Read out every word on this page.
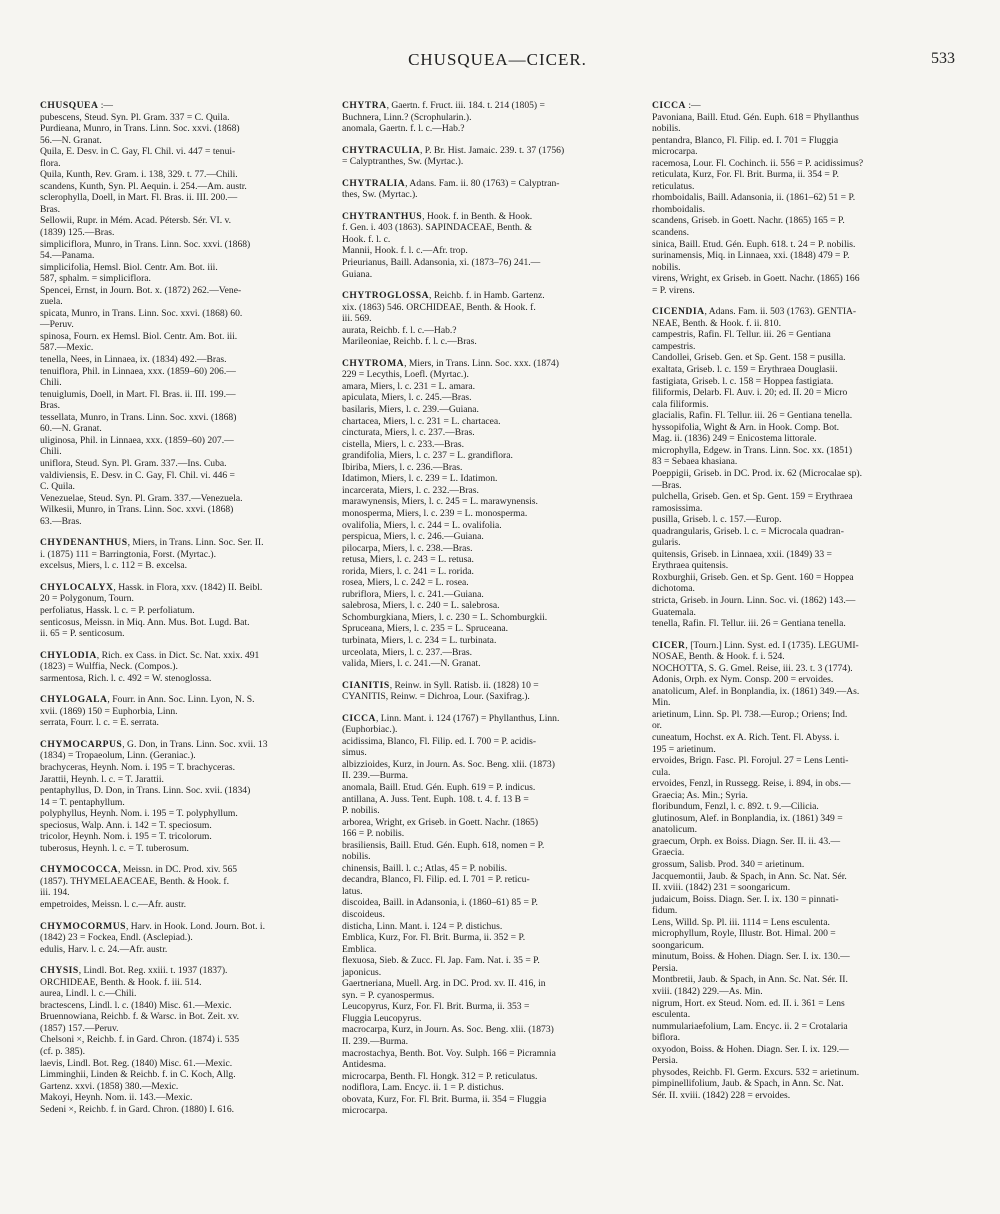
CHUSQUEA—CICER.	533
CHUSQUEA :—
pubescens, Steud. Syn. Pl. Gram. 337 = C. Quila.
Purdieana, Munro, in Trans. Linn. Soc. xxvi. (1868)
56.—N. Granat.
Quila, E. Desv. in C. Gay, Fl. Chil. vi. 447 = tenui-
flora.
Quila, Kunth, Rev. Gram. i. 138, 329. t. 77.—Chili.
scandens, Kunth, Syn. Pl. Aequin. i. 254.—Am. austr.
sclerophylla, Doell, in Mart. Fl. Bras. ii. III. 200.—
Bras.
Sellowii, Rupr. in Mém. Acad. Pétersb. Sér. VI. v.
(1839) 125.—Bras.
simpliciflora, Munro, in Trans. Linn. Soc. xxvi. (1868)
54.—Panama.
simplicifolia, Hemsl. Biol. Centr. Am. Bot. iii.
587, sphalm. = simpliciflora.
Spencei, Ernst, in Journ. Bot. x. (1872) 262.—Vene-
zuela.
spicata, Munro, in Trans. Linn. Soc. xxvi. (1868) 60.
—Peruv.
spinosa, Fourn. ex Hemsl. Biol. Centr. Am. Bot. iii.
587.—Mexic.
tenella, Nees, in Linnaea, ix. (1834) 492.—Bras.
tenuiflora, Phil. in Linnaea, xxx. (1859–60) 206.—
Chili.
tenuiglumis, Doell, in Mart. Fl. Bras. ii. III. 199.—
Bras.
tessellata, Munro, in Trans. Linn. Soc. xxvi. (1868)
60.—N. Granat.
uliginosa, Phil. in Linnaea, xxx. (1859–60) 207.—
Chili.
uniflora, Steud. Syn. Pl. Gram. 337.—Ins. Cuba.
valdiviensis, E. Desv. in C. Gay, Fl. Chil. vi. 446 =
C. Quila.
Venezuelae, Steud. Syn. Pl. Gram. 337.—Venezuela.
Wilkesii, Munro, in Trans. Linn. Soc. xxvi. (1868)
63.—Bras.
CHYDENANTHUS, Miers, in Trans. Linn. Soc. Ser. II.
i. (1875) 111 = Barringtonia, Forst. (Myrtac.).
excelsus, Miers, l. c. 112 = B. excelsa.
CHYLOCALYX, Hassk. in Flora, xxv. (1842) II. Beibl.
20 = Polygonum, Tourn.
perfoliatus, Hassk. l. c. = P. perfoliatum.
senticosus, Meissn. in Miq. Ann. Mus. Bot. Lugd. Bat.
ii. 65 = P. senticosum.
CHYLODIA, Rich. ex Cass. in Dict. Sc. Nat. xxix. 491
(1823) = Wulffia, Neck. (Compos.).
sarmentosa, Rich. l. c. 492 = W. stenoglossa.
CHYLOGALA, Fourr. in Ann. Soc. Linn. Lyon, N. S.
xvii. (1869) 150 = Euphorbia, Linn.
serrata, Fourr. l. c. = E. serrata.
CHYMOCARPUS, G. Don, in Trans. Linn. Soc. xvii. 13
(1834) = Tropaeolum, Linn. (Geraniac.).
brachyceras, Heynh. Nom. i. 195 = T. brachyceras.
Jarattii, Heynh. l. c. = T. Jarattii.
pentaphyllus, D. Don, in Trans. Linn. Soc. xvii. (1834)
14 = T. pentaphyllum.
polyphyllus, Heynh. Nom. i. 195 = T. polyphyllum.
speciosus, Walp. Ann. i. 142 = T. speciosum.
tricolor, Heynh. Nom. i. 195 = T. tricolorum.
tuberosus, Heynh. l. c. = T. tuberosum.
CHYMOCOCCA, Meissn. in DC. Prod. xiv. 565
(1857). THYMELAEACEAE, Benth. & Hook. f.
iii. 194.
empetroides, Meissn. l. c.—Afr. austr.
CHYMOCORMUS, Harv. in Hook. Lond. Journ. Bot. i.
(1842) 23 = Fockea, Endl. (Asclepiad.).
edulis, Harv. l. c. 24.—Afr. austr.
CHYSIS, Lindl. Bot. Reg. xxiii. t. 1937 (1837).
ORCHIDEAE, Benth. & Hook. f. iii. 514.
aurea, Lindl. l. c.—Chili.
bractescens, Lindl. l. c. (1840) Misc. 61.—Mexic.
Bruennowiana, Reichb. f. & Warsc. in Bot. Zeit. xv.
(1857) 157.—Peruv.
Chelsoni ×, Reichb. f. in Gard. Chron. (1874) i. 535
(cf. p. 385).
laevis, Lindl. Bot. Reg. (1840) Misc. 61.—Mexic.
Limminghii, Linden & Reichb. f. in C. Koch, Allg.
Gartenz. xxvi. (1858) 380.—Mexic.
Makoyi, Heynh. Nom. ii. 143.—Mexic.
Sedeni ×, Reichb. f. in Gard. Chron. (1880) I. 616.
CHYTRA, Gaertn. f. Fruct. iii. 184. t. 214 (1805) =
Buchnera, Linn.? (Scrophularin.).
anomala, Gaertn. f. l. c.—Hab.?
CHYTRACULIA, P. Br. Hist. Jamaic. 239. t. 37 (1756)
= Calyptranthes, Sw. (Myrtac.).
CHYTRALIA, Adans. Fam. ii. 80 (1763) = Calyptran-
thes, Sw. (Myrtac.).
CHYTRANTHUS, Hook. f. in Benth. & Hook.
f. Gen. i. 403 (1863). SAPINDACEAE, Benth. &
Hook. f. l. c.
Mannii, Hook. f. l. c.—Afr. trop.
Prieurianus, Baill. Adansonia, xi. (1873–76) 241.—
Guiana.
CHYTROGLOSSA, Reichb. f. in Hamb. Gartenz.
xix. (1863) 546. ORCHIDEAE, Benth. & Hook. f.
iii. 569.
aurata, Reichb. f. l. c.—Hab.?
Marileoniae, Reichb. f. l. c.—Bras.
CHYTROMA, Miers, in Trans. Linn. Soc. xxx. (1874)
229 = Lecythis, Loefl. (Myrtac.).
amara, Miers, l. c. 231 = L. amara.
apiculata, Miers, l. c. 245.—Bras.
basilaris, Miers, l. c. 239.—Guiana.
chartacea, Miers, l. c. 231 = L. chartacea.
cincturata, Miers, l. c. 237.—Bras.
cistella, Miers, l. c. 233.—Bras.
grandifolia, Miers, l. c. 237 = L. grandiflora.
Ibiriba, Miers, l. c. 236.—Bras.
Idatimon, Miers, l. c. 239 = L. Idatimon.
incarcerata, Miers, l. c. 232.—Bras.
marawynensis, Miers, l. c. 245 = L. marawynensis.
monosperma, Miers, l. c. 239 = L. monosperma.
ovalifolia, Miers, l. c. 244 = L. ovalifolia.
perspicua, Miers, l. c. 246.—Guiana.
pilocarpa, Miers, l. c. 238.—Bras.
retusa, Miers, l. c. 243 = L. retusa.
rorida, Miers, l. c. 241 = L. rorida.
rosea, Miers, l. c. 242 = L. rosea.
rubriflora, Miers, l. c. 241.—Guiana.
salebrosa, Miers, l. c. 240 = L. salebrosa.
Schomburgkiana, Miers, l. c. 230 = L. Schomburgkii.
Spruceana, Miers, l. c. 235 = L. Spruceana.
turbinata, Miers, l. c. 234 = L. turbinata.
urceolata, Miers, l. c. 237.—Bras.
valida, Miers, l. c. 241.—N. Granat.
CIANITIS, Reinw. in Syll. Ratisb. ii. (1828) 10 =
CYANITIS, Reinw. = Dichroa, Lour. (Saxifrag.).
CICCA, Linn. Mant. i. 124 (1767) = Phyllanthus, Linn.
(Euphorbiac.).
acidissima, Blanco, Fl. Filip. ed. I. 700 = P. acidis-
simus.
albizzioides, Kurz, in Journ. As. Soc. Beng. xlii. (1873)
II. 239.—Burma.
anomala, Baill. Etud. Gén. Euph. 619 = P. indicus.
antillana, A. Juss. Tent. Euph. 108. t. 4. f. 13 B =
P. nobilis.
arborea, Wright, ex Griseb. in Goett. Nachr. (1865)
166 = P. nobilis.
brasiliensis, Baill. Etud. Gén. Euph. 618, nomen = P.
nobilis.
chinensis, Baill. l. c.; Atlas, 45 = P. nobilis.
decandra, Blanco, Fl. Filip. ed. I. 701 = P. reticu-
latus.
discoidea, Baill. in Adansonia, i. (1860–61) 85 = P.
discoideus.
disticha, Linn. Mant. i. 124 = P. distichus.
Emblica, Kurz, For. Fl. Brit. Burma, ii. 352 = P.
Emblica.
flexuosa, Sieb. & Zucc. Fl. Jap. Fam. Nat. i. 35 = P.
japonicus.
Gaertneriana, Muell. Arg. in DC. Prod. xv. II. 416, in
syn. = P. cyanospermus.
Leucopyrus, Kurz, For. Fl. Brit. Burma, ii. 353 =
Fluggia Leucopyrus.
macrocarpa, Kurz, in Journ. As. Soc. Beng. xlii. (1873)
II. 239.—Burma.
macrostachya, Benth. Bot. Voy. Sulph. 166 = Picramnia
Antidesma.
microcarpa, Benth. Fl. Hongk. 312 = P. reticulatus.
nodiflora, Lam. Encyc. ii. 1 = P. distichus.
obovata, Kurz, For. Fl. Brit. Burma, ii. 354 = Fluggia
microcarpa.
CICCA :—
Pavoniana, Baill. Etud. Gén. Euph. 618 = Phyllanthus
nobilis.
pentandra, Blanco, Fl. Filip. ed. I. 701 = Fluggia
microcarpa.
racemosa, Lour. Fl. Cochinch. ii. 556 = P. acidissimus?
reticulata, Kurz, For. Fl. Brit. Burma, ii. 354 = P.
reticulatus.
rhomboidalis, Baill. Adansonia, ii. (1861–62) 51 = P.
rhomboidalis.
scandens, Griseb. in Goett. Nachr. (1865) 165 = P.
scandens.
sinica, Baill. Etud. Gén. Euph. 618. t. 24 = P. nobilis.
surinamensis, Miq. in Linnaea, xxi. (1848) 479 = P.
nobilis.
virens, Wright, ex Griseb. in Goett. Nachr. (1865) 166
= P. virens.
CICENDIA, Adans. Fam. ii. 503 (1763). GENTIA-
NEAE, Benth. & Hook. f. ii. 810.
campestris, Rafin. Fl. Tellur. iii. 26 = Gentiana
campestris.
Candollei, Griseb. Gen. et Sp. Gent. 158 = pusilla.
exaltata, Griseb. l. c. 159 = Erythraea Douglasii.
fastigiata, Griseb. l. c. 158 = Hoppea fastigiata.
filiformis, Delarb. Fl. Auv. i. 20; ed. II. 20 = Micro
cala filiformis.
glacialis, Rafin. Fl. Tellur. iii. 26 = Gentiana tenella.
hyssopifolia, Wight & Arn. in Hook. Comp. Bot.
Mag. ii. (1836) 249 = Enicostema littorale.
microphylla, Edgew. in Trans. Linn. Soc. xx. (1851)
83 = Sebaea khasiana.
Poeppigii, Griseb. in DC. Prod. ix. 62 (Microcalae sp).
—Bras.
pulchella, Griseb. Gen. et Sp. Gent. 159 = Erythraea
ramosissima.
pusilla, Griseb. l. c. 157.—Europ.
quadrangularis, Griseb. l. c. = Microcala quadran-
gularis.
quitensis, Griseb. in Linnaea, xxii. (1849) 33 =
Erythraea quitensis.
Roxburghii, Griseb. Gen. et Sp. Gent. 160 = Hoppea
dichotoma.
stricta, Griseb. in Journ. Linn. Soc. vi. (1862) 143.—
Guatemala.
tenella, Rafin. Fl. Tellur. iii. 26 = Gentiana tenella.
CICER, [Tourn.] Linn. Syst. ed. I (1735). LEGUMI-
NOSAE, Benth. & Hook. f. i. 524.
NOCHOTTA, S. G. Gmel. Reise, iii. 23. t. 3 (1774).
Adonis, Orph. ex Nym. Consp. 200 = ervoides.
anatolicum, Alef. in Bonplandia, ix. (1861) 349.—As.
Min.
arietinum, Linn. Sp. Pl. 738.—Europ.; Oriens; Ind.
or.
cuneatum, Hochst. ex A. Rich. Tent. Fl. Abyss. i.
195 = arietinum.
ervoides, Brign. Fasc. Pl. Forojul. 27 = Lens Lenti-
cula.
ervoides, Fenzl, in Russegg. Reise, i. 894, in obs.—
Graecia; As. Min.; Syria.
floribundum, Fenzl, l. c. 892. t. 9.—Cilicia.
glutinosum, Alef. in Bonplandia, ix. (1861) 349 =
anatolicum.
graecum, Orph. ex Boiss. Diagn. Ser. II. ii. 43.—
Graecia.
grossum, Salisb. Prod. 340 = arietinum.
Jacquemontii, Jaub. & Spach, in Ann. Sc. Nat. Sér.
II. xviii. (1842) 231 = soongaricum.
judaicum, Boiss. Diagn. Ser. I. ix. 130 = pinnati-
fidum.
Lens, Willd. Sp. Pl. iii. 1114 = Lens esculenta.
microphyllum, Royle, Illustr. Bot. Himal. 200 =
soongaricum.
minutum, Boiss. & Hohen. Diagn. Ser. I. ix. 130.—
Persia.
Montbretii, Jaub. & Spach, in Ann. Sc. Nat. Sér. II.
xviii. (1842) 229.—As. Min.
nigrum, Hort. ex Steud. Nom. ed. II. i. 361 = Lens
esculenta.
nummulariaefolium, Lam. Encyc. ii. 2 = Crotalaria
biflora.
oxyodon, Boiss. & Hohen. Diagn. Ser. I. ix. 129.—
Persia.
physodes, Reichb. Fl. Germ. Excurs. 532 = arietinum.
pimpinellifolium, Jaub. & Spach, in Ann. Sc. Nat.
Sér. II. xviii. (1842) 228 = ervoides.
